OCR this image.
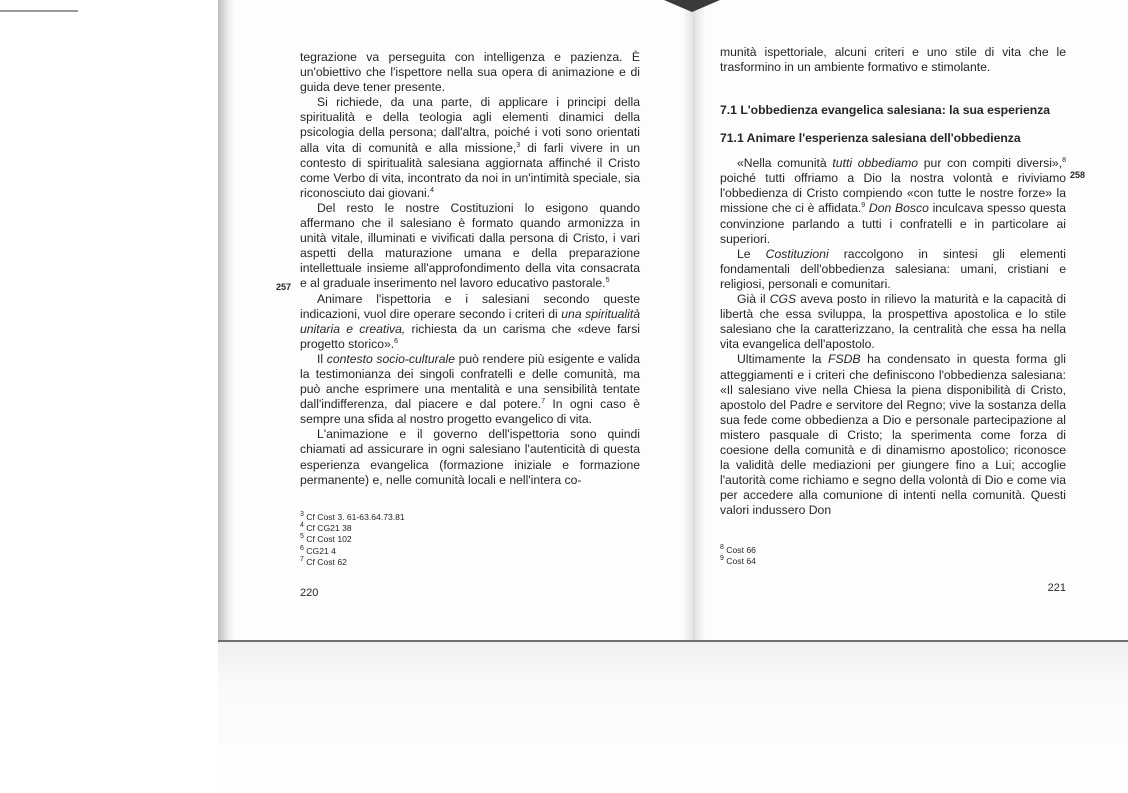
tegrazione va perseguita con intelligenza e pazienza. È un'obiettivo che l'ispettore nella sua opera di animazione e di guida deve tener presente.

Si richiede, da una parte, di applicare i principi della spiritualità e della teologia agli elementi dinamici della psicologia della persona; dall'altra, poiché i voti sono orientati alla vita di comunità e alla missione,$^3$ di farli vivere in un contesto di spiritualità salesiana aggiornata affinché il Cristo come Verbo di vita, incontrato da noi in un'intimità speciale, sia riconosciuto dai giovani.$^4$

Del resto le nostre Costituzioni lo esigono quando affermano che il salesiano è formato quando armonizza in unità vitale, illuminati e vivificati dalla persona di Cristo, i vari aspetti della maturazione umana e della preparazione intellettuale insieme all'approfondimento della vita consacrata e al graduale inserimento nel lavoro educativo pastorale.$^5$

Animare l'ispettoria e i salesiani secondo queste indicazioni, vuol dire operare secondo i criteri di una spiritualità unitaria e creativa, richiesta da un carisma che «deve farsi progetto storico».$^6$

Il contesto socio-culturale può rendere più esigente e valida la testimonianza dei singoli confratelli e delle comunità, ma può anche esprimere una mentalità e una sensibilità tentate dall'indifferenza, dal piacere e dal potere.$^7$ In ogni caso è sempre una sfida al nostro progetto evangelico di vita.

L'animazione e il governo dell'ispettoria sono quindi chiamati ad assicurare in ogni salesiano l'autenticità di questa esperienza evangelica (formazione iniziale e formazione permanente) e, nelle comunità locali e nell'intera co-

$^3$ Cf Cost 3. 61-63.64.73.81
$^4$ Cf CG21 38
$^5$ Cf Cost 102
$^6$ CG21 4
$^7$ Cf Cost 62
220
257

munità ispettoriale, alcuni criteri e uno stile di vita che le trasformino in un ambiente formativo e stimolante.

7.1 L'obbedienza evangelica salesiana: la sua esperienza

71.1 Animare l'esperienza salesiana dell'obbedienza

«Nella comunità tutti obbediamo pur con compiti diversi»,$^8$ poiché tutti offriamo a Dio la nostra volontà e riviviamo l'obbedienza di Cristo compiendo «con tutte le nostre forze» la missione che ci è affidata.$^9$ Don Bosco inculcava spesso questa convinzione parlando a tutti i confratelli e in particolare ai superiori.

Le Costituzioni raccolgono in sintesi gli elementi fondamentali dell'obbedienza salesiana: umani, cristiani e religiosi, personali e comunitari.

Già il CGS aveva posto in rilievo la maturità e la capacità di libertà che essa sviluppa, la prospettiva apostolica e lo stile salesiano che la caratterizzano, la centralità che essa ha nella vita evangelica dell'apostolo.

Ultimamente la FSDB ha condensato in questa forma gli atteggiamenti e i criteri che definiscono l'obbedienza salesiana: «Il salesiano vive nella Chiesa la piena disponibilità di Cristo, apostolo del Padre e servitore del Regno; vive la sostanza della sua fede come obbedienza a Dio e personale partecipazione al mistero pasquale di Cristo; la sperimenta come forza di coesione della comunità e di dinamismo apostolico; riconosce la validità delle mediazioni per giungere fino a Lui; accoglie l'autorità come richiamo e segno della volontà di Dio e come via per accedere alla comunione di intenti nella comunità. Questi valori indussero Don

$^8$ Cost 66
$^9$ Cost 64
221
258
